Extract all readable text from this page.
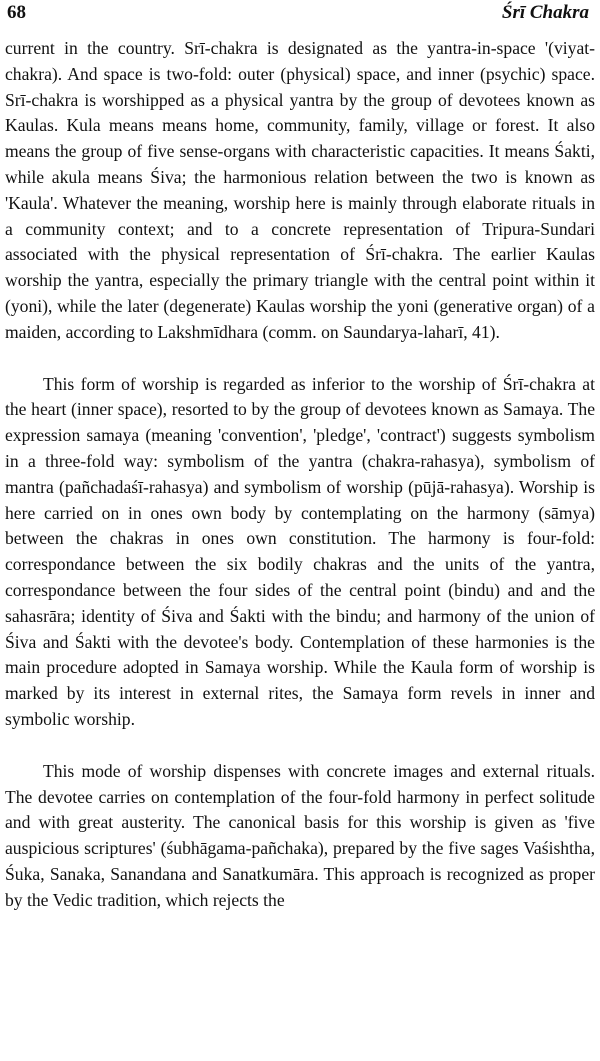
68	Śrī Chakra

current in the country. Srī-chakra is designated as the yantra-in-space '(viyat-chakra). And space is two-fold: outer (physical) space, and inner (psychic) space. Srī-chakra is worshipped as a physical yantra by the group of devotees known as Kaulas. Kula means means home, community, family, village or forest. It also means the group of five sense-organs with characteristic capacities. It means Śakti, while akula means Śiva; the harmonious relation between the two is known as 'Kaula'. Whatever the meaning, worship here is mainly through elaborate rituals in a community context; and to a concrete representation of Tripura-Sundari associated with the physical representation of Śrī-chakra. The earlier Kaulas worship the yantra, especially the primary triangle with the central point within it (yoni), while the later (degenerate) Kaulas worship the yoni (generative organ) of a maiden, according to Lakshmīdhara (comm. on Saundarya-laharī, 41).

This form of worship is regarded as inferior to the worship of Śrī-chakra at the heart (inner space), resorted to by the group of devotees known as Samaya. The expression samaya (meaning 'convention', 'pledge', 'contract') suggests symbolism in a three-fold way: symbolism of the yantra (chakra-rahasya), symbolism of mantra (pañchadaśī-rahasya) and symbolism of worship (pūjā-rahasya). Worship is here carried on in ones own body by contemplating on the harmony (sāmya) between the chakras in ones own constitution. The harmony is four-fold: correspondance between the six bodily chakras and the units of the yantra, correspondance between the four sides of the central point (bindu) and and the sahasrāra; identity of Śiva and Śakti with the bindu; and harmony of the union of Śiva and Śakti with the devotee's body. Contemplation of these harmonies is the main procedure adopted in Samaya worship. While the Kaula form of worship is marked by its interest in external rites, the Samaya form revels in inner and symbolic worship.

This mode of worship dispenses with concrete images and external rituals. The devotee carries on contemplation of the four-fold harmony in perfect solitude and with great austerity. The canonical basis for this worship is given as 'five auspicious scriptures' (śubhāgama-pañchaka), prepared by the five sages Vaśishtha, Śuka, Sanaka, Sanandana and Sanatkumāra. This approach is recognized as proper by the Vedic tradition, which rejects the
